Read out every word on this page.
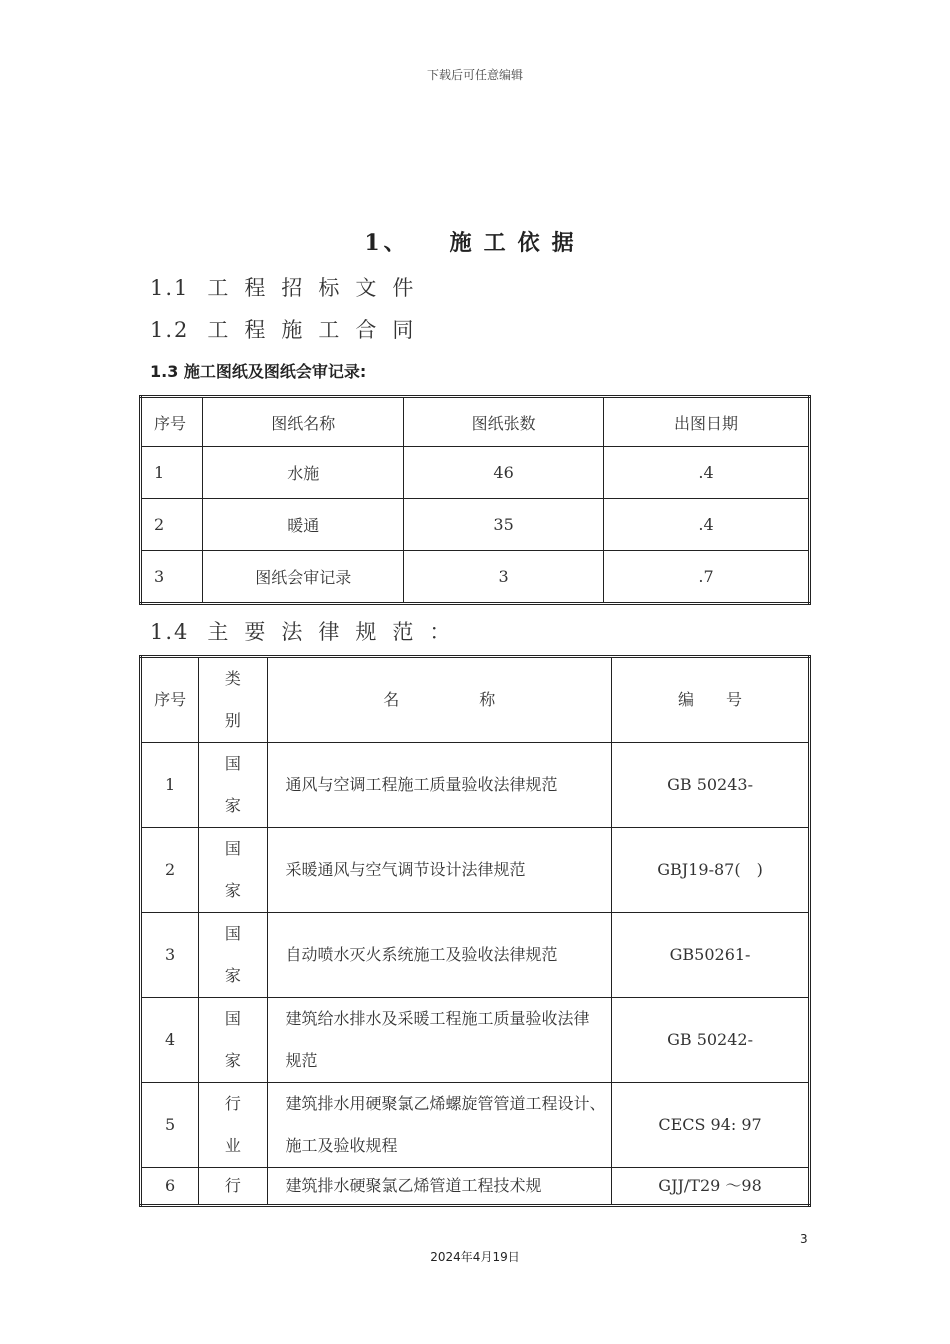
下载后可任意编辑
1、 施工依据
1.1 工程招标文件
1.2 工程施工合同
1.3 施工图纸及图纸会审记录:
序号	图纸名称	图纸张数	出图日期
1	水施	46	.4
2	暖通	35	.4
3	图纸会审记录	3	.7
1.4 主要法律规范：
序号	类别	名　　　　　称	编　　号
1	国家	通风与空调工程施工质量验收法律规范	GB 50243-
2	国家	采暖通风与空气调节设计法律规范	GBJ19-87(　)
3	国家	自动喷水灭火系统施工及验收法律规范	GB50261-
4	国家	建筑给水排水及采暖工程施工质量验收法律规范	GB 50242-
5	行业	建筑排水用硬聚氯乙烯螺旋管管道工程设计、　施工及验收规程	CECS 94: 97
6	行	建筑排水硬聚氯乙烯管道工程技术规	GJJ/T29 ～98
3
2024年4月19日
